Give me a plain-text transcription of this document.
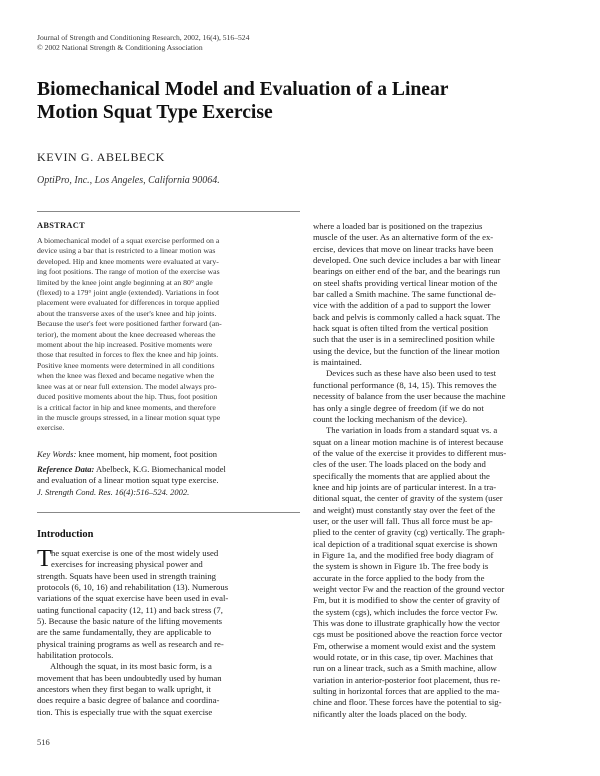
Journal of Strength and Conditioning Research, 2002, 16(4), 516–524
© 2002 National Strength & Conditioning Association
Biomechanical Model and Evaluation of a Linear
Motion Squat Type Exercise
KEVIN G. ABELBECK
OptiPro, Inc., Los Angeles, California 90064.
ABSTRACT
A biomechanical model of a squat exercise performed on a
device using a bar that is restricted to a linear motion was
developed. Hip and knee moments were evaluated at vary-
ing foot positions. The range of motion of the exercise was
limited by the knee joint angle beginning at an 80° angle
(flexed) to a 179° joint angle (extended). Variations in foot
placement were evaluated for differences in torque applied
about the transverse axes of the user's knee and hip joints.
Because the user's feet were positioned farther forward (an-
terior), the moment about the knee decreased whereas the
moment about the hip increased. Positive moments were
those that resulted in forces to flex the knee and hip joints.
Positive knee moments were determined in all conditions
when the knee was flexed and became negative when the
knee was at or near full extension. The model always pro-
duced positive moments about the hip. Thus, foot position
is a critical factor in hip and knee moments, and therefore
in the muscle groups stressed, in a linear motion squat type
exercise.
Key Words: knee moment, hip moment, foot position
Reference Data: Abelbeck, K.G. Biomechanical model
and evaluation of a linear motion squat type exercise.
J. Strength Cond. Res. 16(4):516–524. 2002.
Introduction
T he squat exercise is one of the most widely used
exercises for increasing physical power and
strength. Squats have been used in strength training
protocols (6, 10, 16) and rehabilitation (13). Numerous
variations of the squat exercise have been used in eval-
uating functional capacity (12, 11) and back stress (7,
5). Because the basic nature of the lifting movements
are the same fundamentally, they are applicable to
physical training programs as well as research and re-
habilitation protocols.
Although the squat, in its most basic form, is a
movement that has been undoubtedly used by human
ancestors when they first began to walk upright, it
does require a basic degree of balance and coordina-
tion. This is especially true with the squat exercise
where a loaded bar is positioned on the trapezius
muscle of the user. As an alternative form of the ex-
ercise, devices that move on linear tracks have been
developed. One such device includes a bar with linear
bearings on either end of the bar, and the bearings run
on steel shafts providing vertical linear motion of the
bar called a Smith machine. The same functional de-
vice with the addition of a pad to support the lower
back and pelvis is commonly called a hack squat. The
hack squat is often tilted from the vertical position
such that the user is in a semireclined position while
using the device, but the function of the linear motion
is maintained.
Devices such as these have also been used to test
functional performance (8, 14, 15). This removes the
necessity of balance from the user because the machine
has only a single degree of freedom (if we do not
count the locking mechanism of the device).
The variation in loads from a standard squat vs. a
squat on a linear motion machine is of interest because
of the value of the exercise it provides to different mus-
cles of the user. The loads placed on the body and
specifically the moments that are applied about the
knee and hip joints are of particular interest. In a tra-
ditional squat, the center of gravity of the system (user
and weight) must constantly stay over the feet of the
user, or the user will fall. Thus all force must be ap-
plied to the center of gravity (cg) vertically. The graph-
ical depiction of a traditional squat exercise is shown
in Figure 1a, and the modified free body diagram of
the system is shown in Figure 1b. The free body is
accurate in the force applied to the body from the
weight vector Fw and the reaction of the ground vector
Fm, but it is modified to show the center of gravity of
the system (cgs), which includes the force vector Fw.
This was done to illustrate graphically how the vector
cgs must be positioned above the reaction force vector
Fm, otherwise a moment would exist and the system
would rotate, or in this case, tip over. Machines that
run on a linear track, such as a Smith machine, allow
variation in anterior-posterior foot placement, thus re-
sulting in horizontal forces that are applied to the ma-
chine and floor. These forces have the potential to sig-
nificantly alter the loads placed on the body.
516
